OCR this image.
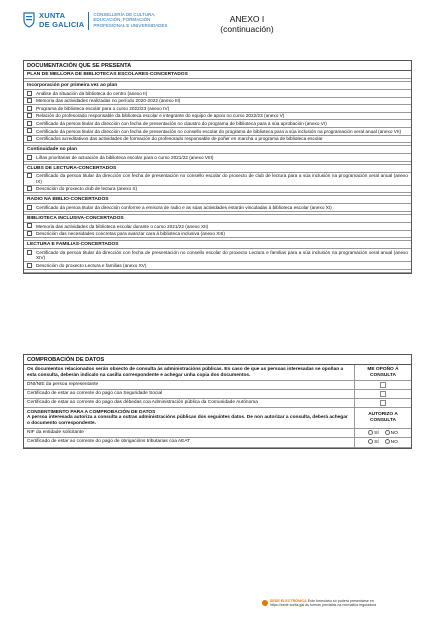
XUNTA
DE GALICIA
CONSELLERÍA DE CULTURA,
EDUCACIÓN, FORMACIÓN
PROFESIONAL E UNIVERSIDADES
ANEXO I
(continuación)
DOCUMENTACIÓN QUE SE PRESENTA
PLAN DE MELLORA DE BIBLIOTECAS ESCOLARES-CONCERTADOS
Incorporación por primeira vez ao plan
Análise da situación da biblioteca do centro (anexo II)
Memoria das actividades realizadas no período 2020-2022 (anexo III)
Programa de biblioteca escolar para o curso 2022/23 (anexo IV)
Relación do profesorado responsable da biblioteca escolar e integrante do equipo de apoio no curso 2022/23 (anexo V)
Certificado da persoa titular da dirección con fecha de presentación no claustro do programa de biblioteca para a súa aprobación (anexo VI)
Certificado da persoa titular da dirección con fecha de presentación no consello escolar do programa de biblioteca para a súa inclusión na programación xeral anual (anexo VII)
Certificados acreditativos das actividades de formación do profesorado responsable de poñer en marcha o programa de biblioteca escolar
Continuidade no plan
Liñas prioritarias de actuación da biblioteca escolar para o curso 2021/22 (anexo VIII)
CLUBS DE LECTURA-CONCERTADOS
Certificado da persoa titular da dirección con fecha de presentación no consello escolar do proxecto de club de lectura para a súa inclusión na programación xeral anual (anexo IX)
Descrición do proxecto club de lectura (anexo X)
RADIO NA BIBLIO-CONCERTADOS
Certificado da persoa titular da dirección conforme a emisora de radio e as súas actividades estarán vinculadas á biblioteca escolar (anexo XI)
BIBLIOTECA INCLUSIVA-CONCERTADOS
Memoria das actividades da biblioteca escolar durante o curso 2021/22 (anexo XII)
Descrición das necesidades concretas para avanzar cara á biblioteca inclusiva (anexo XIII)
LECTURA E FAMILIAS-CONCERTADOS
Certificado da persoa titular da dirección con fecha de presentación no consello escolar do proxecto Lectura e familias para a súa inclusión na programación xeral anual (anexo XIV)
Descrición do proxecto Lectura e familias (anexo XV)
COMPROBACIÓN DE DATOS
Os documentos relacionados serán obxecto de consulta ás administracións públicas. En caso de que as persoas interesadas se opoñan a esta consulta, deberán indicalo na casilla correspondente e achegar unha copia dos documentos.
ME OPOÑO Á CONSULTA
DNI/NIE da persoa representante
Certificado de estar ao corrente do pago coa Seguridade Social
Certificado de estar ao corrente do pago das débedas coa Administración pública da Comunidade Autónoma
CONSENTIMENTO PARA A COMPROBACIÓN DE DATOS
A persoa interesada autoriza a consulta a outras administracións públicas dos seguintes datos. De non autorizar a consulta, deberá achegar o documento correspondente.
AUTORIZO A CONSULTA
NIF da entidade solicitante	SÍ	NO
Certificado de estar ao corrente do pago de obrigacións tributarias coa AEAT	SÍ	NO
SEDE ELECTRÓNICA Este formulario só poderá presentarse en
https://sede.xunta.gal ás formas previstas na normativa reguladora
